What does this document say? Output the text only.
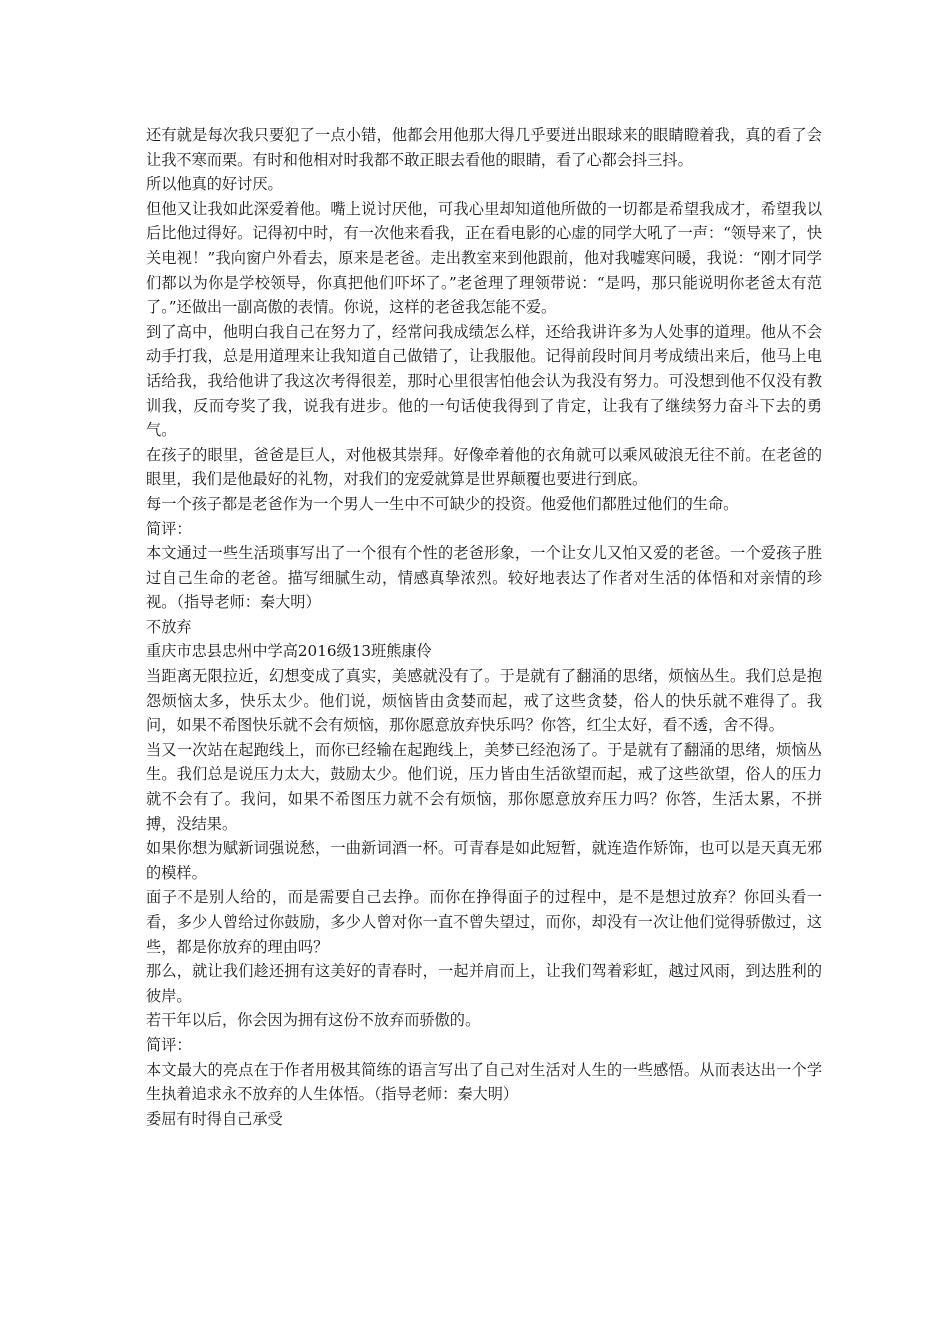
还有就是每次我只要犯了一点小错，他都会用他那大得几乎要迸出眼球来的眼睛瞪着我，真的看了会让我不寒而栗。有时和他相对时我都不敢正眼去看他的眼睛，看了心都会抖三抖。

所以他真的好讨厌。

但他又让我如此深爱着他。嘴上说讨厌他，可我心里却知道他所做的一切都是希望我成才，希望我以后比他过得好。记得初中时，有一次他来看我，正在看电影的心虚的同学大吼了一声：“领导来了，快关电视！”我向窗户外看去，原来是老爸。走出教室来到他跟前，他对我嘘寒问暖，我说：“刚才同学们都以为你是学校领导，你真把他们吓坏了。”老爸理了理领带说：“是吗，那只能说明你老爸太有范了。”还做出一副高傲的表情。你说，这样的老爸我怎能不爱。

到了高中，他明白我自己在努力了，经常问我成绩怎么样，还给我讲许多为人处事的道理。他从不会动手打我，总是用道理来让我知道自己做错了，让我服他。记得前段时间月考成绩出来后，他马上电话给我，我给他讲了我这次考得很差，那时心里很害怕他会认为我没有努力。可没想到他不仅没有教训我，反而夸奖了我，说我有进步。他的一句话使我得到了肯定，让我有了继续努力奋斗下去的勇气。

在孩子的眼里，爸爸是巨人，对他极其崇拜。好像牵着他的衣角就可以乘风破浪无往不前。在老爸的眼里，我们是他最好的礼物，对我们的宠爱就算是世界颠覆也要进行到底。

每一个孩子都是老爸作为一个男人一生中不可缺少的投资。他爱他们都胜过他们的生命。

简评：

本文通过一些生活琐事写出了一个很有个性的老爸形象，一个让女儿又怕又爱的老爸。一个爱孩子胜过自己生命的老爸。描写细腻生动，情感真挚浓烈。较好地表达了作者对生活的体悟和对亲情的珍视。（指导老师：秦大明）

不放弃

重庆市忠县忠州中学高2016级13班熊康伶

当距离无限拉近，幻想变成了真实，美感就没有了。于是就有了翻涌的思绪，烦恼丛生。我们总是抱怨烦恼太多，快乐太少。他们说，烦恼皆由贪婪而起，戒了这些贪婪，俗人的快乐就不难得了。我问，如果不希图快乐就不会有烦恼，那你愿意放弃快乐吗？你答，红尘太好，看不透，舍不得。

当又一次站在起跑线上，而你已经输在起跑线上，美梦已经泡汤了。于是就有了翻涌的思绪，烦恼丛生。我们总是说压力太大，鼓励太少。他们说，压力皆由生活欲望而起，戒了这些欲望，俗人的压力就不会有了。我问，如果不希图压力就不会有烦恼，那你愿意放弃压力吗？你答，生活太累，不拼搏，没结果。

如果你想为赋新词强说愁，一曲新词酒一杯。可青春是如此短暂，就连造作矫饰，也可以是天真无邪的模样。

面子不是别人给的，而是需要自己去挣。而你在挣得面子的过程中，是不是想过放弃？你回头看一看，多少人曾给过你鼓励，多少人曾对你一直不曾失望过，而你，却没有一次让他们觉得骄傲过，这些，都是你放弃的理由吗？

那么，就让我们趁还拥有这美好的青春时，一起并肩而上，让我们驾着彩虹，越过风雨，到达胜利的彼岸。

若干年以后，你会因为拥有这份不放弃而骄傲的。

简评：

本文最大的亮点在于作者用极其简练的语言写出了自己对生活对人生的一些感悟。从而表达出一个学生执着追求永不放弃的人生体悟。（指导老师：秦大明）

委屈有时得自己承受
